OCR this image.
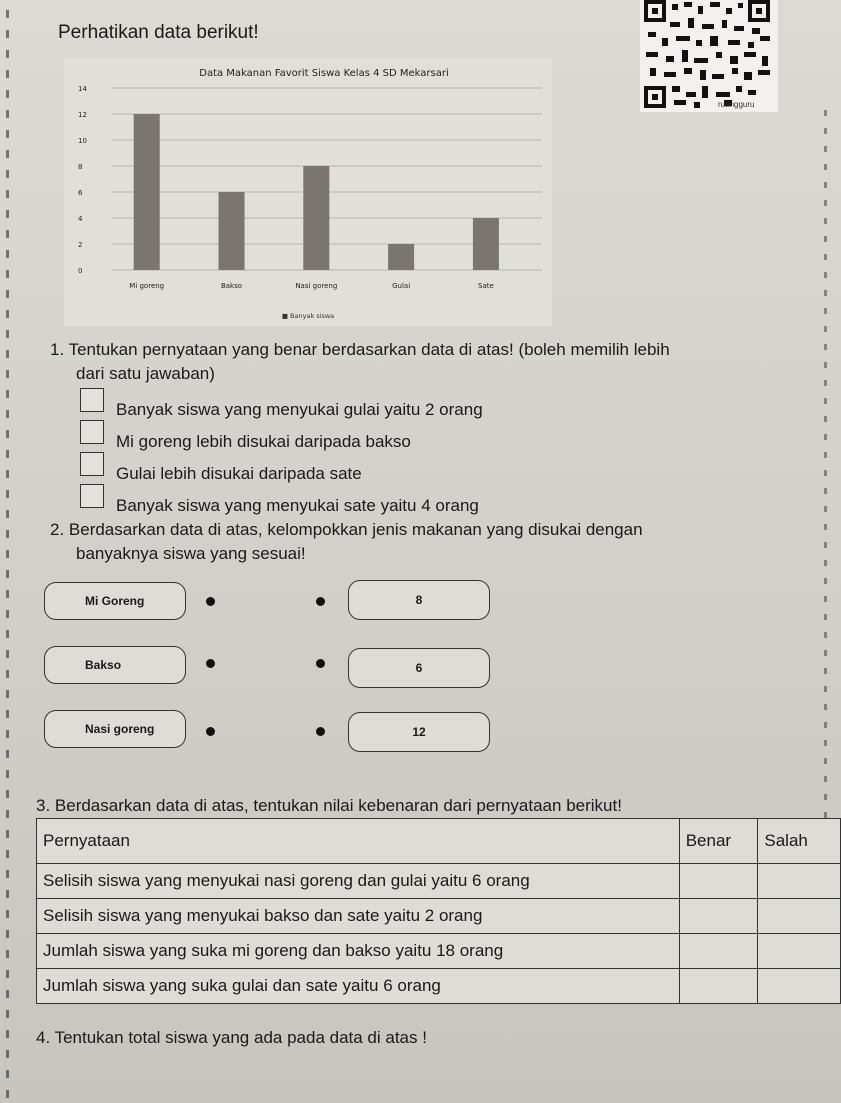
Perhatikan data berikut!
ruangguru
Data Makanan Favorit Siswa Kelas 4 SD Mekarsari
0
2
4
6
8
10
12
14
Mi goreng	Bakso	Nasi goreng	Gulai	Sate
■ Banyak siswa
1. Tentukan pernyataan yang benar berdasarkan data di atas! (boleh memilih lebih
dari satu jawaban)
Banyak siswa yang menyukai gulai yaitu 2 orang
Mi goreng lebih disukai daripada bakso
Gulai lebih disukai daripada sate
Banyak siswa yang menyukai sate yaitu 4 orang
2. Berdasarkan data di atas, kelompokkan jenis makanan yang disukai dengan
banyaknya siswa yang sesuai!
Mi Goreng	8
Bakso	6
Nasi goreng	12
3. Berdasarkan data di atas, tentukan nilai kebenaran dari pernyataan berikut!
Pernyataan	Benar	Salah
Selisih siswa yang menyukai nasi goreng dan gulai yaitu 6 orang		
Selisih siswa yang menyukai bakso dan sate yaitu 2 orang		
Jumlah siswa yang suka mi goreng dan bakso yaitu 18 orang		
Jumlah siswa yang suka gulai dan sate yaitu 6 orang		
4. Tentukan total siswa yang ada pada data di atas !
